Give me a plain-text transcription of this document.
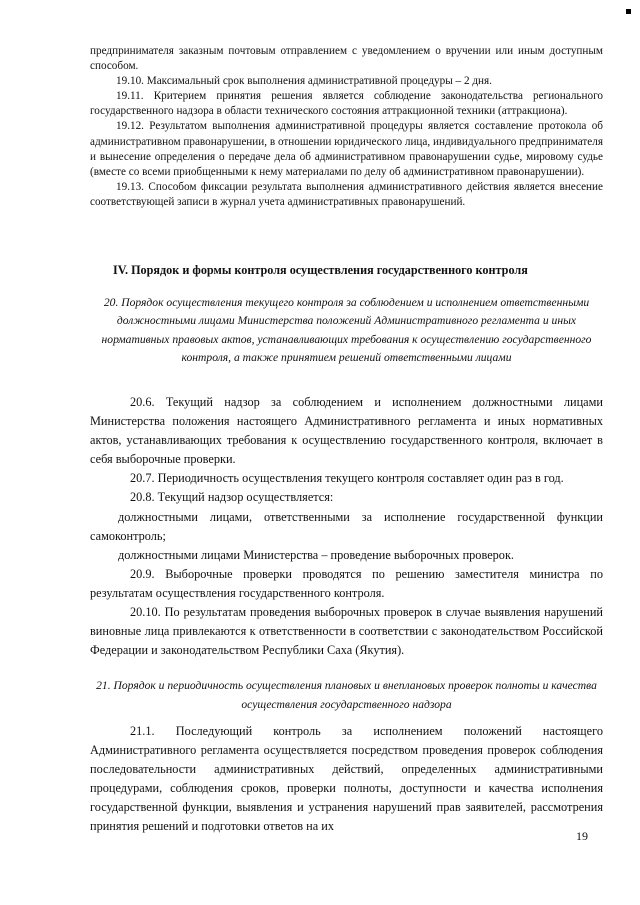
предпринимателя заказным почтовым отправлением с уведомлением о вручении или иным доступным способом.

19.10. Максимальный срок выполнения административной процедуры – 2 дня.

19.11. Критерием принятия решения является соблюдение законодательства регионального государственного надзора в области технического состояния аттракционной техники (аттракциона).

19.12. Результатом выполнения административной процедуры является составление протокола об административном правонарушении, в отношении юридического лица, индивидуального предпринимателя и вынесение определения о передаче дела об административном правонарушении судье, мировому судье (вместе со всеми приобщенными к нему материалами по делу об административном правонарушении).

19.13. Способом фиксации результата выполнения административного действия является внесение соответствующей записи в журнал учета административных правонарушений.

IV. Порядок и формы контроля осуществления государственного контроля
20. Порядок осуществления текущего контроля за соблюдением и исполнением ответственными должностными лицами Министерства положений Административного регламента и иных нормативных правовых актов, устанавливающих требования к осуществлению государственного контроля, а также принятием решений ответственными лицами

20.6. Текущий надзор за соблюдением и исполнением должностными лицами Министерства положения настоящего Административного регламента и иных нормативных актов, устанавливающих требования к осуществлению государственного контроля, включает в себя выборочные проверки.

20.7. Периодичность осуществления текущего контроля составляет один раз в год.

20.8. Текущий надзор осуществляется:

должностными лицами, ответственными за исполнение государственной функции самоконтроль;

должностными лицами Министерства – проведение выборочных проверок.

20.9. Выборочные проверки проводятся по решению заместителя министра по результатам осуществления государственного контроля.

20.10. По результатам проведения выборочных проверок в случае выявления нарушений виновные лица привлекаются к ответственности в соответствии с законодательством Российской Федерации и законодательством Республики Саха (Якутия).

21. Порядок и периодичность осуществления плановых и внеплановых проверок полноты и качества осуществления государственного надзора

21.1. Последующий контроль за исполнением положений настоящего Административного регламента осуществляется посредством проведения проверок соблюдения последовательности административных действий, определенных административными процедурами, соблюдения сроков, проверки полноты, доступности и качества исполнения государственной функции, выявления и устранения нарушений прав заявителей, рассмотрения принятия решений и подготовки ответов на их

19
